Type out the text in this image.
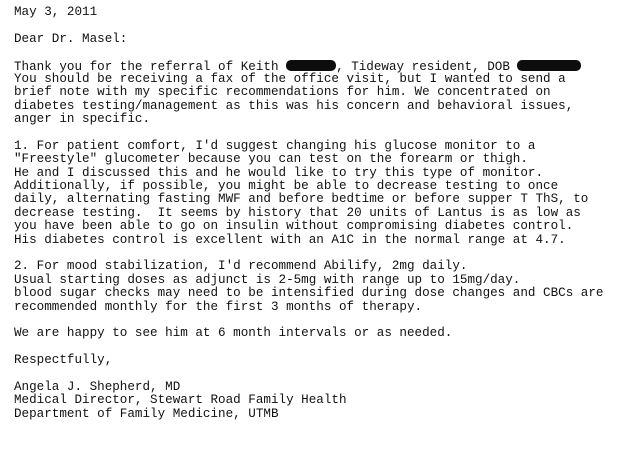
May 3, 2011
Dear Dr. Masel:
Thank you for the referral of Keith	, Tideway resident, DOB
You should be receiving a fax of the office visit, but I wanted to send a
brief note with my specific recommendations for him. We concentrated on
diabetes testing/management as this was his concern and behavioral issues,
anger in specific.
1. For patient comfort, I'd suggest changing his glucose monitor to a
"Freestyle" glucometer because you can test on the forearm or thigh.
He and I discussed this and he would like to try this type of monitor.
Additionally, if possible, you might be able to decrease testing to once
daily, alternating fasting MWF and before bedtime or before supper T ThS, to
decrease testing.  It seems by history that 20 units of Lantus is as low as
you have been able to go on insulin without compromising diabetes control.
His diabetes control is excellent with an A1C in the normal range at 4.7.
2. For mood stabilization, I'd recommend Abilify, 2mg daily.
Usual starting doses as adjunct is 2-5mg with range up to 15mg/day.
blood sugar checks may need to be intensified during dose changes and CBCs are
recommended monthly for the first 3 months of therapy.
We are happy to see him at 6 month intervals or as needed.
Respectfully,
Angela J. Shepherd, MD
Medical Director, Stewart Road Family Health
Department of Family Medicine, UTMB
